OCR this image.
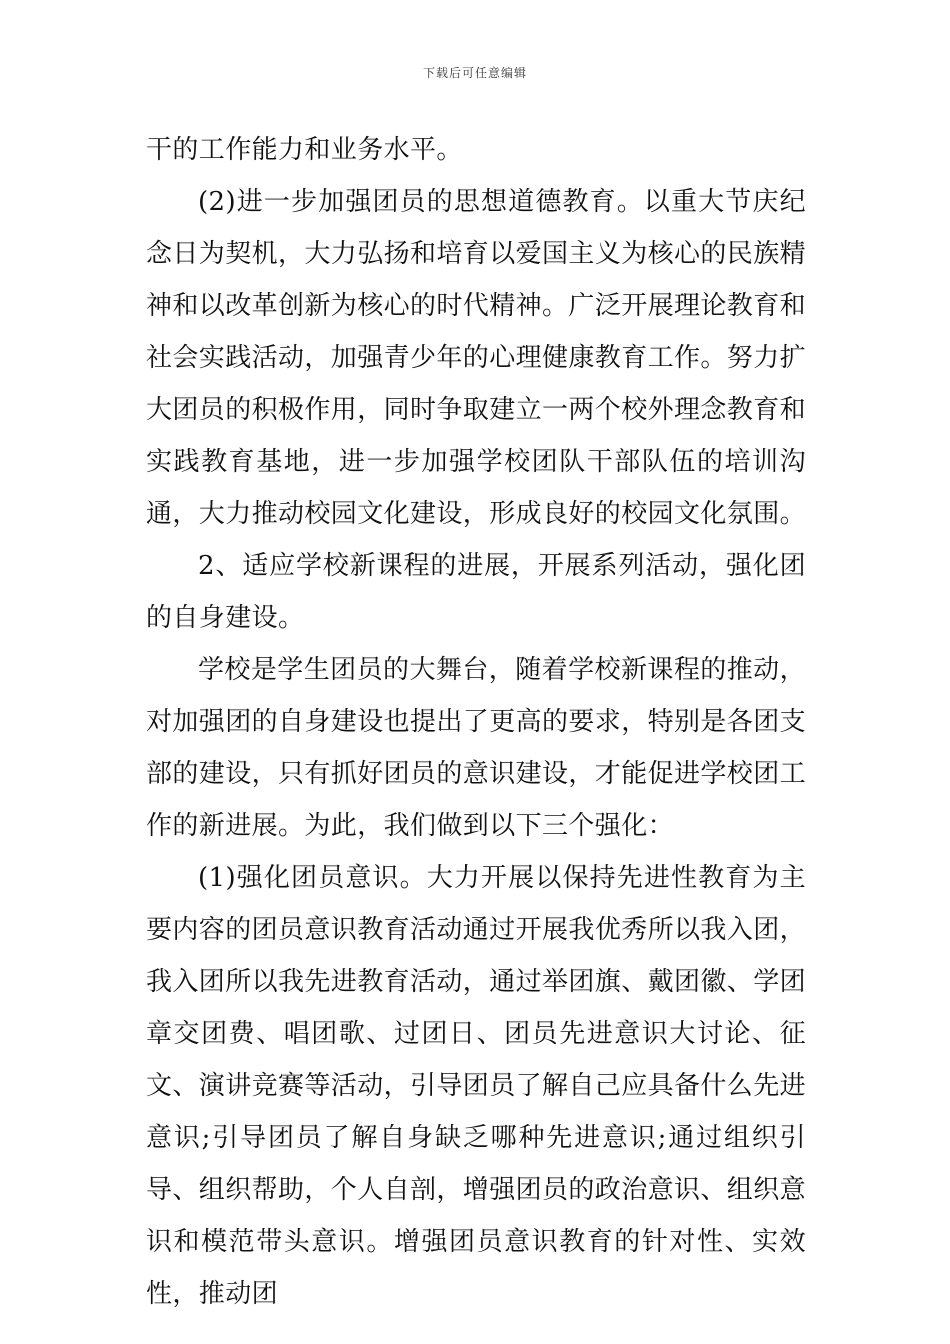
下载后可任意编辑

干的工作能力和业务水平。

(2)进一步加强团员的思想道德教育。以重大节庆纪念日为契机，大力弘扬和培育以爱国主义为核心的民族精神和以改革创新为核心的时代精神。广泛开展理论教育和社会实践活动，加强青少年的心理健康教育工作。努力扩大团员的积极作用，同时争取建立一两个校外理念教育和实践教育基地，进一步加强学校团队干部队伍的培训沟通，大力推动校园文化建设，形成良好的校园文化氛围。

2、适应学校新课程的进展，开展系列活动，强化团的自身建设。

学校是学生团员的大舞台，随着学校新课程的推动，对加强团的自身建设也提出了更高的要求，特别是各团支部的建设，只有抓好团员的意识建设，才能促进学校团工作的新进展。为此，我们做到以下三个强化：

(1)强化团员意识。大力开展以保持先进性教育为主要内容的团员意识教育活动通过开展我优秀所以我入团，我入团所以我先进教育活动，通过举团旗、戴团徽、学团章交团费、唱团歌、过团日、团员先进意识大讨论、征文、演讲竞赛等活动，引导团员了解自己应具备什么先进意识;引导团员了解自身缺乏哪种先进意识;通过组织引导、组织帮助，个人自剖，增强团员的政治意识、组织意识和模范带头意识。增强团员意识教育的针对性、实效性，推动团
